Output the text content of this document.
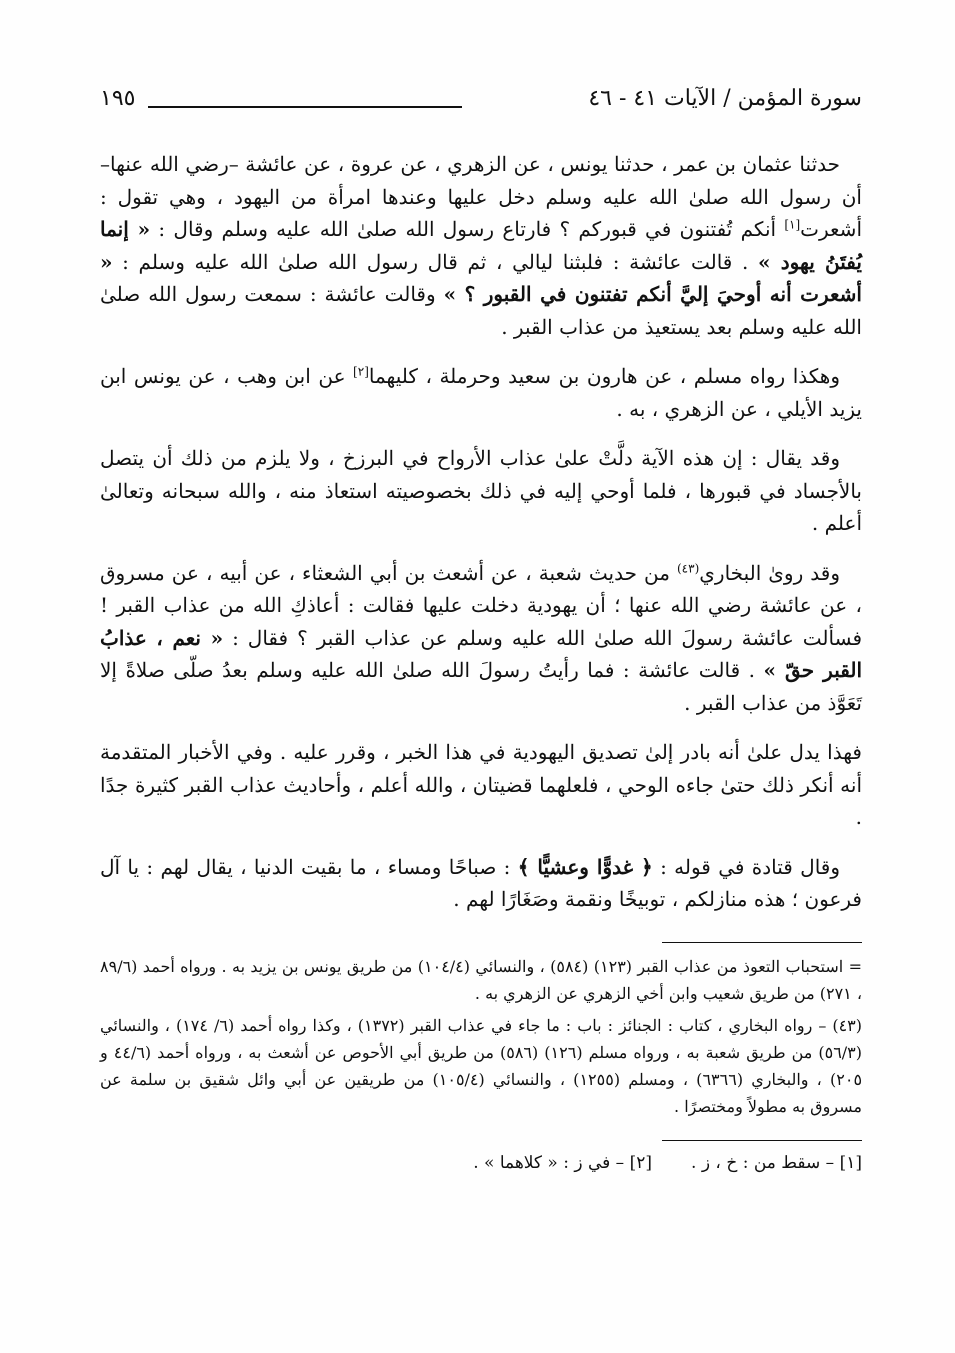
سورة المؤمن / الآيات ٤١ - ٤٦
١٩٥

حدثنا عثمان بن عمر ، حدثنا يونس ، عن الزهري ، عن عروة ، عن عائشة –رضي الله عنها– أن رسول الله صلىٰ الله عليه وسلم دخل عليها وعندها امرأة من اليهود ، وهي تقول : أشعرت[١] أنكم تُفتنون في قبوركم ؟ فارتاع رسول الله صلىٰ الله عليه وسلم وقال : « إنما يُفتَنُ يهود » . قالت عائشة : فلبثنا ليالي ، ثم قال رسول الله صلىٰ الله عليه وسلم : « أشعرت أنه أوحيَ إليَّ أنكم تفتنون في القبور ؟ » وقالت عائشة : سمعت رسول الله صلىٰ الله عليه وسلم بعد يستعيذ من عذاب القبر .

وهكذا رواه مسلم ، عن هارون بن سعيد وحرملة ، كليهما[٢] عن ابن وهب ، عن يونس ابن يزيد الأيلي ، عن الزهري ، به .

وقد يقال : إن هذه الآية دلَّتْ علىٰ عذاب الأرواح في البرزخ ، ولا يلزم من ذلك أن يتصل بالأجساد في قبورها ، فلما أوحي إليه في ذلك بخصوصيته استعاذ منه ، والله سبحانه وتعالىٰ أعلم .

وقد روىٰ البخاري$^{(٤٣)}$ من حديث شعبة ، عن أشعث بن أبي الشعثاء ، عن أبيه ، عن مسروق ، عن عائشة رضي الله عنها ؛ أن يهودية دخلت عليها فقالت : أعاذكِ الله من عذاب القبر ! فسألت عائشة رسولَ الله صلىٰ الله عليه وسلم عن عذاب القبر ؟ فقال : « نعم ، عذابُ القبر حقّ » . قالت عائشة : فما رأيتُ رسولَ الله صلىٰ الله عليه وسلم بعدُ صلّى صلاةً إلا تَعَوَّذ من عذاب القبر .

فهذا يدل علىٰ أنه بادر إلىٰ تصديق اليهودية في هذا الخبر ، وقرر عليه . وفي الأخبار المتقدمة أنه أنكر ذلك حتىٰ جاءه الوحي ، فلعلهما قضيتان ، والله أعلم ، وأحاديث عذاب القبر كثيرة جدًا .

وقال قتادة في قوله : ﴿ غدوًّا وعشيًّا ﴾ : صباحًا ومساء ، ما بقيت الدنيا ، يقال لهم : يا آل فرعون ؛ هذه منازلكم ، توبيخًا ونقمة وصَغَارًا لهم .

= استحباب التعوذ من عذاب القبر (١٢٣) (٥٨٤) ، والنسائي (١٠٤/٤) من طريق يونس بن يزيد به . ورواه أحمد (٨٩/٦ ، ٢٧١) من طريق شعيب وابن أخي الزهري عن الزهري به .

(٤٣) – رواه البخاري ، كتاب : الجنائز : باب : ما جاء في عذاب القبر (١٣٧٢) ، وكذا رواه أحمد (٦/ ١٧٤) ، والنسائي (٥٦/٣) من طريق شعبة به ، ورواه مسلم (١٢٦) (٥٨٦) من طريق أبي الأحوص عن أشعث به ، ورواه أحمد (٤٤/٦ و ٢٠٥) ، والبخاري (٦٣٦٦) ، ومسلم (١٢٥٥) ، والنسائي (١٠٥/٤) من طريقين عن أبي وائل شقيق بن سلمة عن مسروق به مطولاً ومختصرًا .

[١] – سقط من : خ ، ز .
[٢] – في ز : « كلاهما » .
